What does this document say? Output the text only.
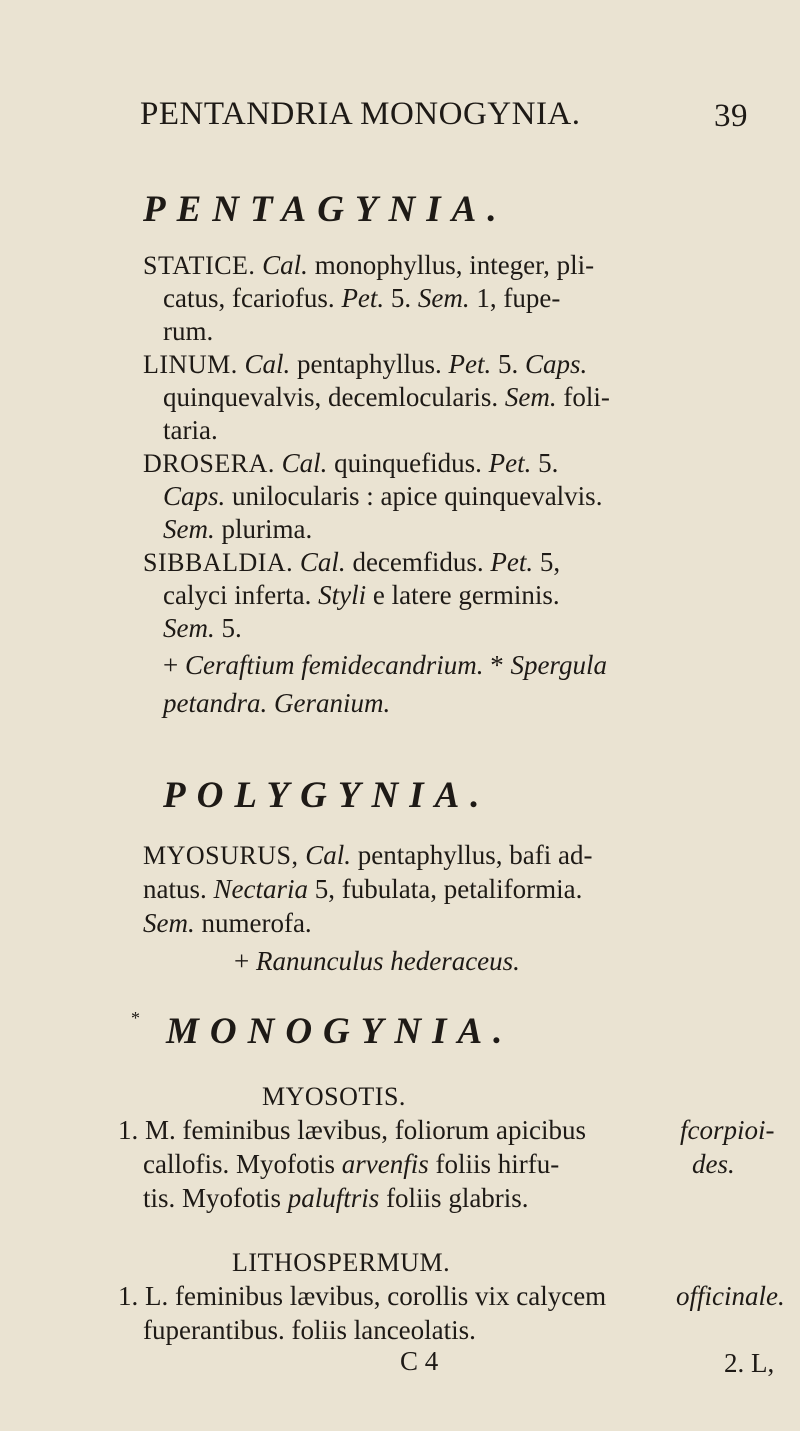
PENTANDRIA MONOGYNIA.	39
PENTAGYNIA.
STATICE. Cal. monophyllus, integer, pli-
catus, fcariofus. Pet. 5. Sem. 1, fupe-
rum.
LINUM. Cal. pentaphyllus. Pet. 5. Caps.
quinquevalvis, decemlocularis. Sem. foli-
taria.
DROSERA. Cal. quinquefidus. Pet. 5.
Caps. unilocularis : apice quinquevalvis.
Sem. plurima.
SIBBALDIA. Cal. decemfidus. Pet. 5,
calyci inferta. Styli e latere germinis.
Sem. 5.
+ Ceraftium femidecandrium. * Spergula
petandra. Geranium.
POLYGYNIA.
MYOSURUS, Cal. pentaphyllus, bafi ad-
natus. Nectaria 5, fubulata, petaliformia.
Sem. numerofa.
+ Ranunculus hederaceus.
* MONOGYNIA.
MYOSOTIS.
1. M. feminibus lævibus, foliorum apicibus	fcorpioi-
callofis. Myofotis arvenfis foliis hirfu-	des.
tis. Myofotis paluftris foliis glabris.
LITHOSPERMUM.
1. L. feminibus lævibus, corollis vix calycem	officinale.
fuperantibus. foliis lanceolatis.
C 4	2. L,
